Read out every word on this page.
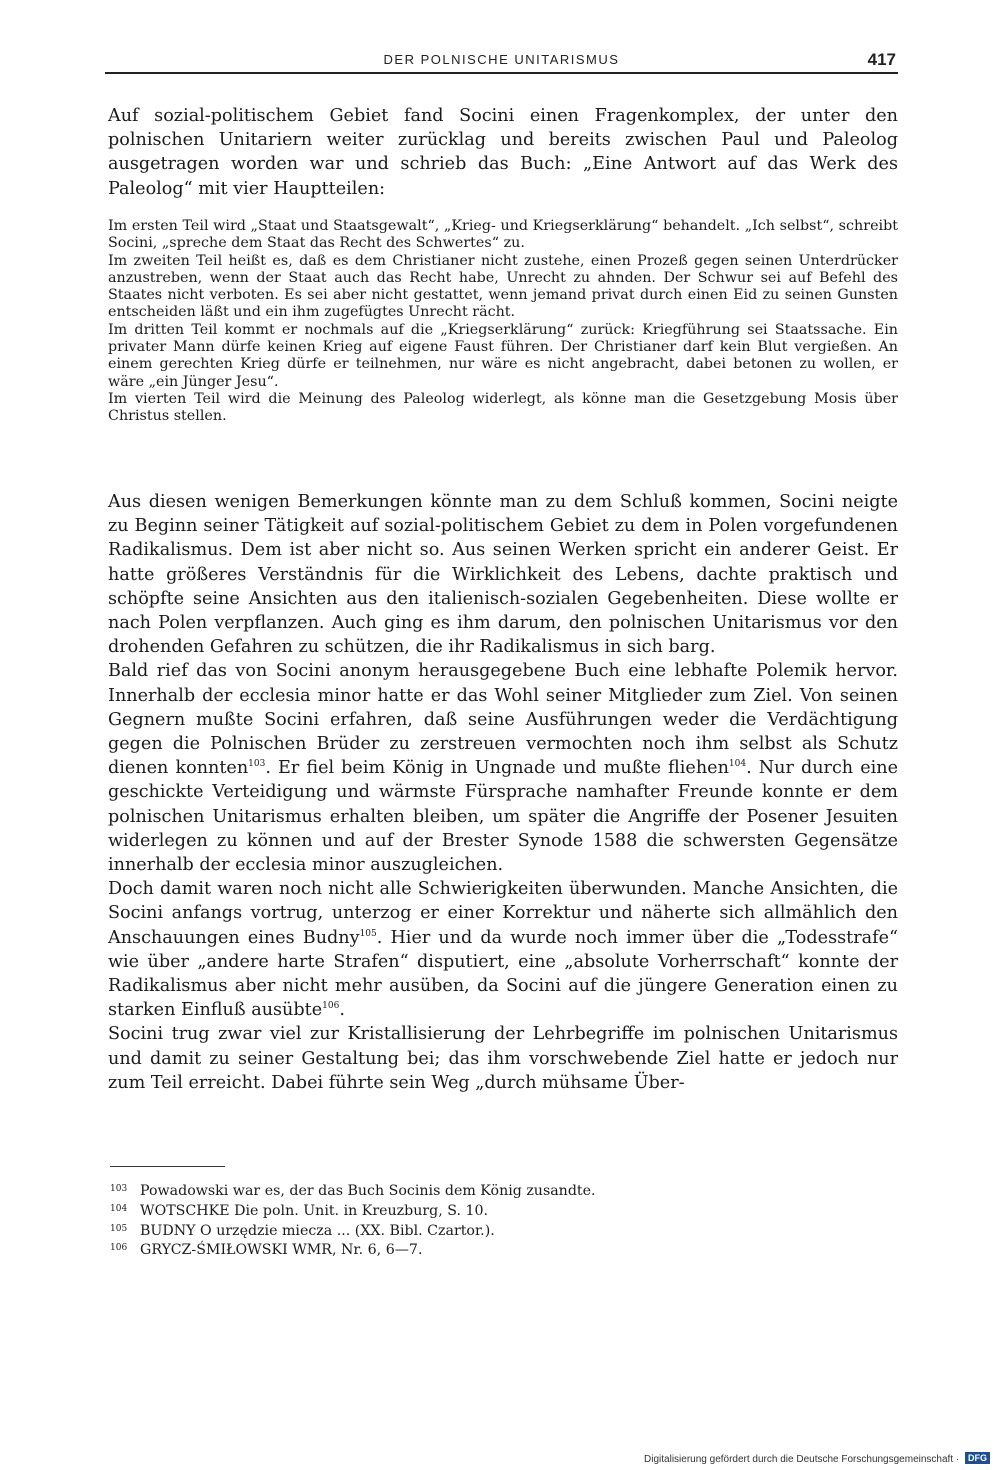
DER POLNISCHE UNITARISMUS	417

Auf sozial-politischem Gebiet fand Socini einen Fragenkomplex, der unter den polnischen Unitariern weiter zurücklag und bereits zwischen Paul und Paleolog ausgetragen worden war und schrieb das Buch: „Eine Antwort auf das Werk des Paleolog“ mit vier Hauptteilen:

Im ersten Teil wird „Staat und Staatsgewalt“, „Krieg- und Kriegserklärung“ behandelt. „Ich selbst“, schreibt Socini, „spreche dem Staat das Recht des Schwertes“ zu.

Im zweiten Teil heißt es, daß es dem Christianer nicht zustehe, einen Prozeß gegen seinen Unterdrücker anzustreben, wenn der Staat auch das Recht habe, Unrecht zu ahnden. Der Schwur sei auf Befehl des Staates nicht verboten. Es sei aber nicht gestattet, wenn jemand privat durch einen Eid zu seinen Gunsten entscheiden läßt und ein ihm zugefügtes Unrecht rächt.

Im dritten Teil kommt er nochmals auf die „Kriegserklärung“ zurück: Kriegführung sei Staatssache. Ein privater Mann dürfe keinen Krieg auf eigene Faust führen. Der Christianer darf kein Blut vergießen. An einem gerechten Krieg dürfe er teilnehmen, nur wäre es nicht angebracht, dabei betonen zu wollen, er wäre „ein Jünger Jesu“.

Im vierten Teil wird die Meinung des Paleolog widerlegt, als könne man die Gesetzgebung Mosis über Christus stellen.

Aus diesen wenigen Bemerkungen könnte man zu dem Schluß kommen, Socini neigte zu Beginn seiner Tätigkeit auf sozial-politischem Gebiet zu dem in Polen vorgefundenen Radikalismus. Dem ist aber nicht so. Aus seinen Werken spricht ein anderer Geist. Er hatte größeres Verständnis für die Wirklichkeit des Lebens, dachte praktisch und schöpfte seine Ansichten aus den italienisch-sozialen Gegebenheiten. Diese wollte er nach Polen verpflanzen. Auch ging es ihm darum, den polnischen Unitarismus vor den drohenden Gefahren zu schützen, die ihr Radikalismus in sich barg.

Bald rief das von Socini anonym herausgegebene Buch eine lebhafte Polemik hervor. Innerhalb der ecclesia minor hatte er das Wohl seiner Mitglieder zum Ziel. Von seinen Gegnern mußte Socini erfahren, daß seine Ausführungen weder die Verdächtigung gegen die Polnischen Brüder zu zerstreuen vermochten noch ihm selbst als Schutz dienen konnten$^{103}$. Er fiel beim König in Ungnade und mußte fliehen$^{104}$. Nur durch eine geschickte Verteidigung und wärmste Fürsprache namhafter Freunde konnte er dem polnischen Unitarismus erhalten bleiben, um später die Angriffe der Posener Jesuiten widerlegen zu können und auf der Brester Synode 1588 die schwersten Gegensätze innerhalb der ecclesia minor auszugleichen.

Doch damit waren noch nicht alle Schwierigkeiten überwunden. Manche Ansichten, die Socini anfangs vortrug, unterzog er einer Korrektur und näherte sich allmählich den Anschauungen eines Budny$^{105}$. Hier und da wurde noch immer über die „Todesstrafe“ wie über „andere harte Strafen“ disputiert, eine „absolute Vorherrschaft“ konnte der Radikalismus aber nicht mehr ausüben, da Socini auf die jüngere Generation einen zu starken Einfluß ausübte$^{106}$.

Socini trug zwar viel zur Kristallisierung der Lehrbegriffe im polnischen Unitarismus und damit zu seiner Gestaltung bei; das ihm vorschwebende Ziel hatte er jedoch nur zum Teil erreicht. Dabei führte sein Weg „durch mühsame Über-

103 Powadowski war es, der das Buch Socinis dem König zusandte.
104 WOTSCHKE Die poln. Unit. in Kreuzburg, S. 10.
105 BUDNY O urzędzie miecza ... (XX. Bibl. Czartor.).
106 GRYCZ-ŚMIŁOWSKI WMR, Nr. 6, 6—7.
Digitalisierung gefördert durch die Deutsche Forschungsgemeinschaft · DFG
